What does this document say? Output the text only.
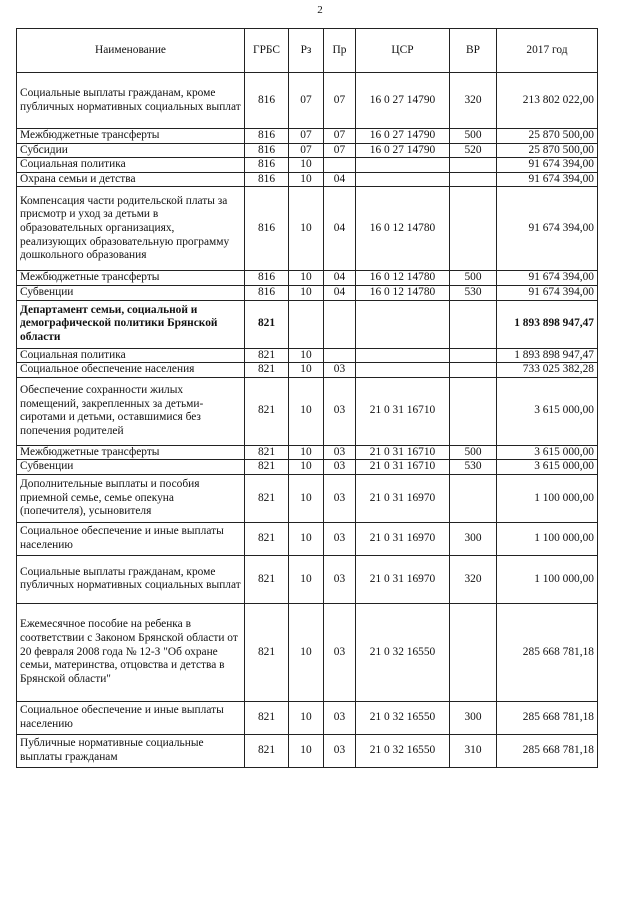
2
Наименование	ГРБС	Рз	Пр	ЦСР	ВР	2017 год
Социальные выплаты гражданам, кроме публичных нормативных социальных выплат	816	07	07	16 0 27 14790	320	213 802 022,00
Межбюджетные трансферты	816	07	07	16 0 27 14790	500	25 870 500,00
Субсидии	816	07	07	16 0 27 14790	520	25 870 500,00
Социальная политика	816	10				91 674 394,00
Охрана семьи и детства	816	10	04			91 674 394,00
Компенсация части родительской платы за присмотр и уход за детьми в образовательных организациях, реализующих образовательную программу дошкольного образования	816	10	04	16 0 12 14780		91 674 394,00
Межбюджетные трансферты	816	10	04	16 0 12 14780	500	91 674 394,00
Субвенции	816	10	04	16 0 12 14780	530	91 674 394,00
Департамент семьи, социальной и демографической политики Брянской области	821					1 893 898 947,47
Социальная политика	821	10				1 893 898 947,47
Социальное обеспечение населения	821	10	03			733 025 382,28
Обеспечение сохранности жилых помещений, закрепленных за детьми-сиротами и детьми, оставшимися без попечения родителей	821	10	03	21 0 31 16710		3 615 000,00
Межбюджетные трансферты	821	10	03	21 0 31 16710	500	3 615 000,00
Субвенции	821	10	03	21 0 31 16710	530	3 615 000,00
Дополнительные выплаты и пособия приемной семье, семье опекуна (попечителя), усыновителя	821	10	03	21 0 31 16970		1 100 000,00
Социальное обеспечение и иные выплаты населению	821	10	03	21 0 31 16970	300	1 100 000,00
Социальные выплаты гражданам, кроме публичных нормативных социальных выплат	821	10	03	21 0 31 16970	320	1 100 000,00
Ежемесячное пособие на ребенка в соответствии с Законом Брянской области от 20 февраля 2008 года № 12-З "Об охране семьи, материнства, отцовства и детства в Брянской области"	821	10	03	21 0 32 16550		285 668 781,18
Социальное обеспечение и иные выплаты населению	821	10	03	21 0 32 16550	300	285 668 781,18
Публичные нормативные социальные выплаты гражданам	821	10	03	21 0 32 16550	310	285 668 781,18
